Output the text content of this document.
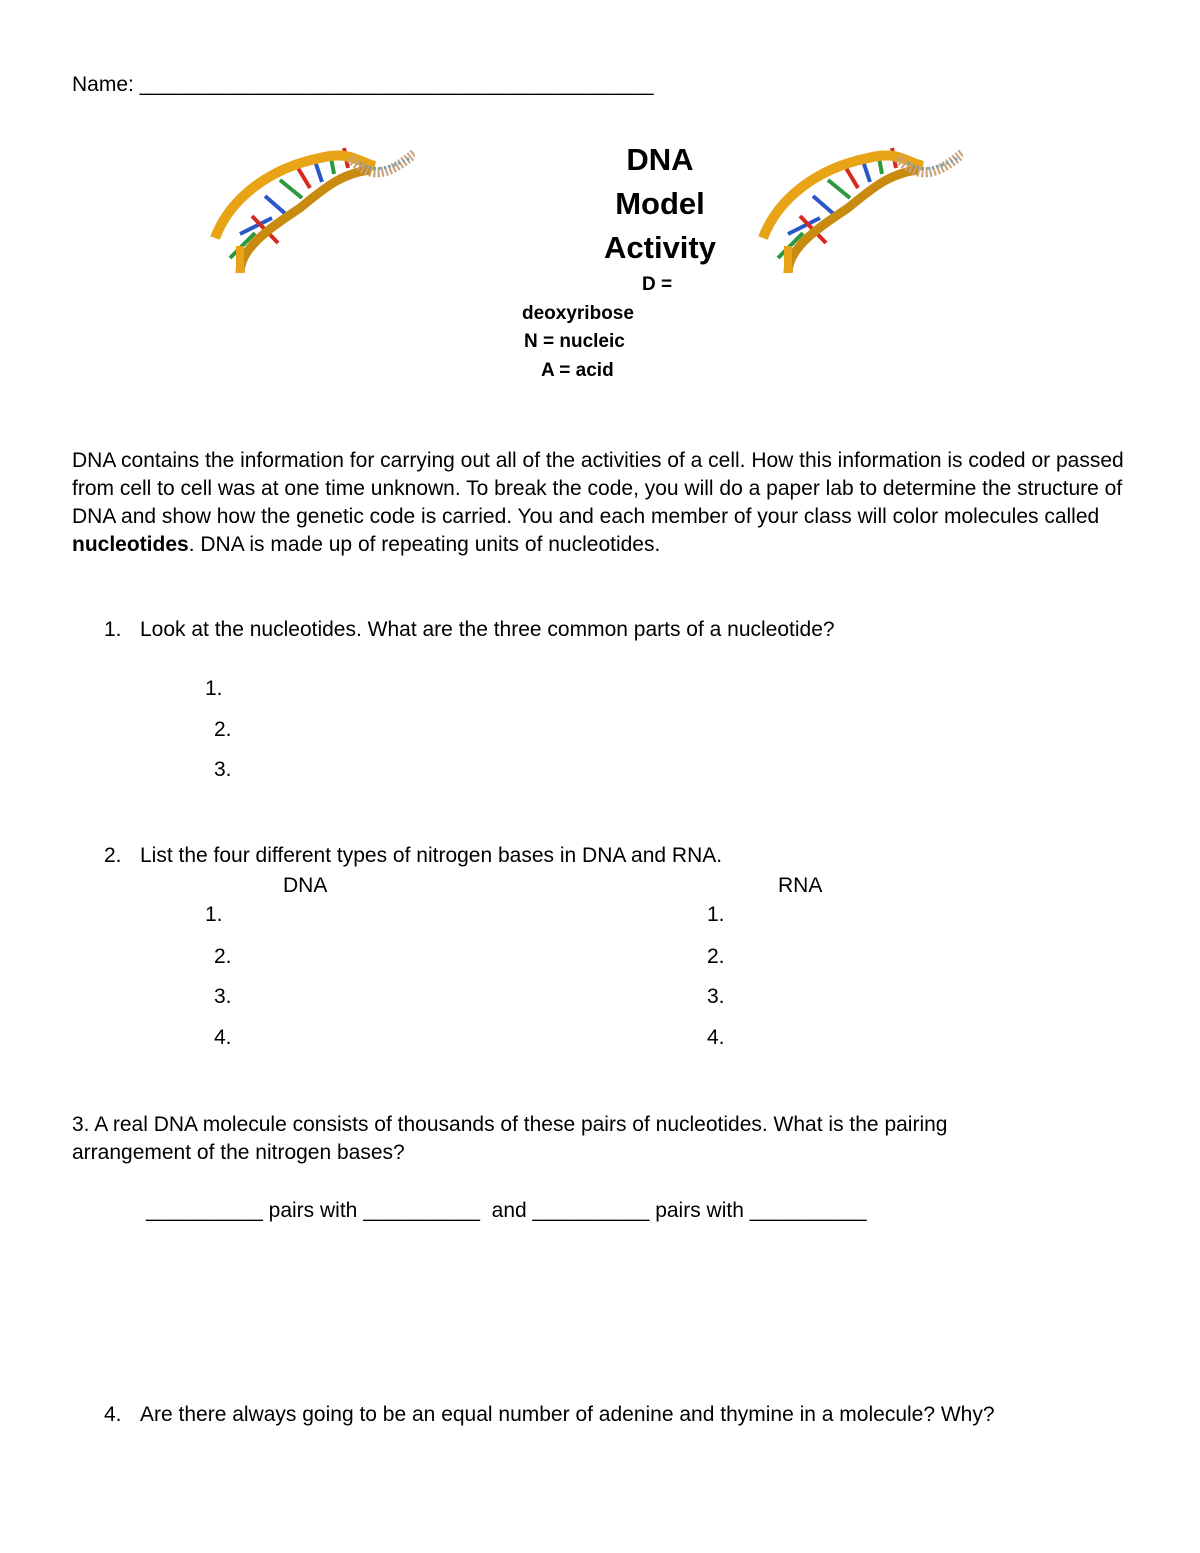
Name: ____________________________________________
DNA
Model
Activity
D =
deoxyribose
N = nucleic
A = acid
DNA contains the information for carrying out all of the activities of a cell. How this information is coded or passed from cell to cell was at one time unknown. To break the code, you will do a paper lab to determine the structure of DNA and show how the genetic code is carried. You and each member of your class will color molecules called nucleotides. DNA is made up of repeating units of nucleotides.
1. Look at the nucleotides. What are the three common parts of a nucleotide?
1.
2.
3.
2. List the four different types of nitrogen bases in DNA and RNA.
DNA	RNA
1.
2.
3.
4.
1.
2.
3.
4.
3. A real DNA molecule consists of thousands of these pairs of nucleotides. What is the pairing
arrangement of the nitrogen bases?
__________ pairs with __________ and __________ pairs with __________
4. Are there always going to be an equal number of adenine and thymine in a molecule? Why?
